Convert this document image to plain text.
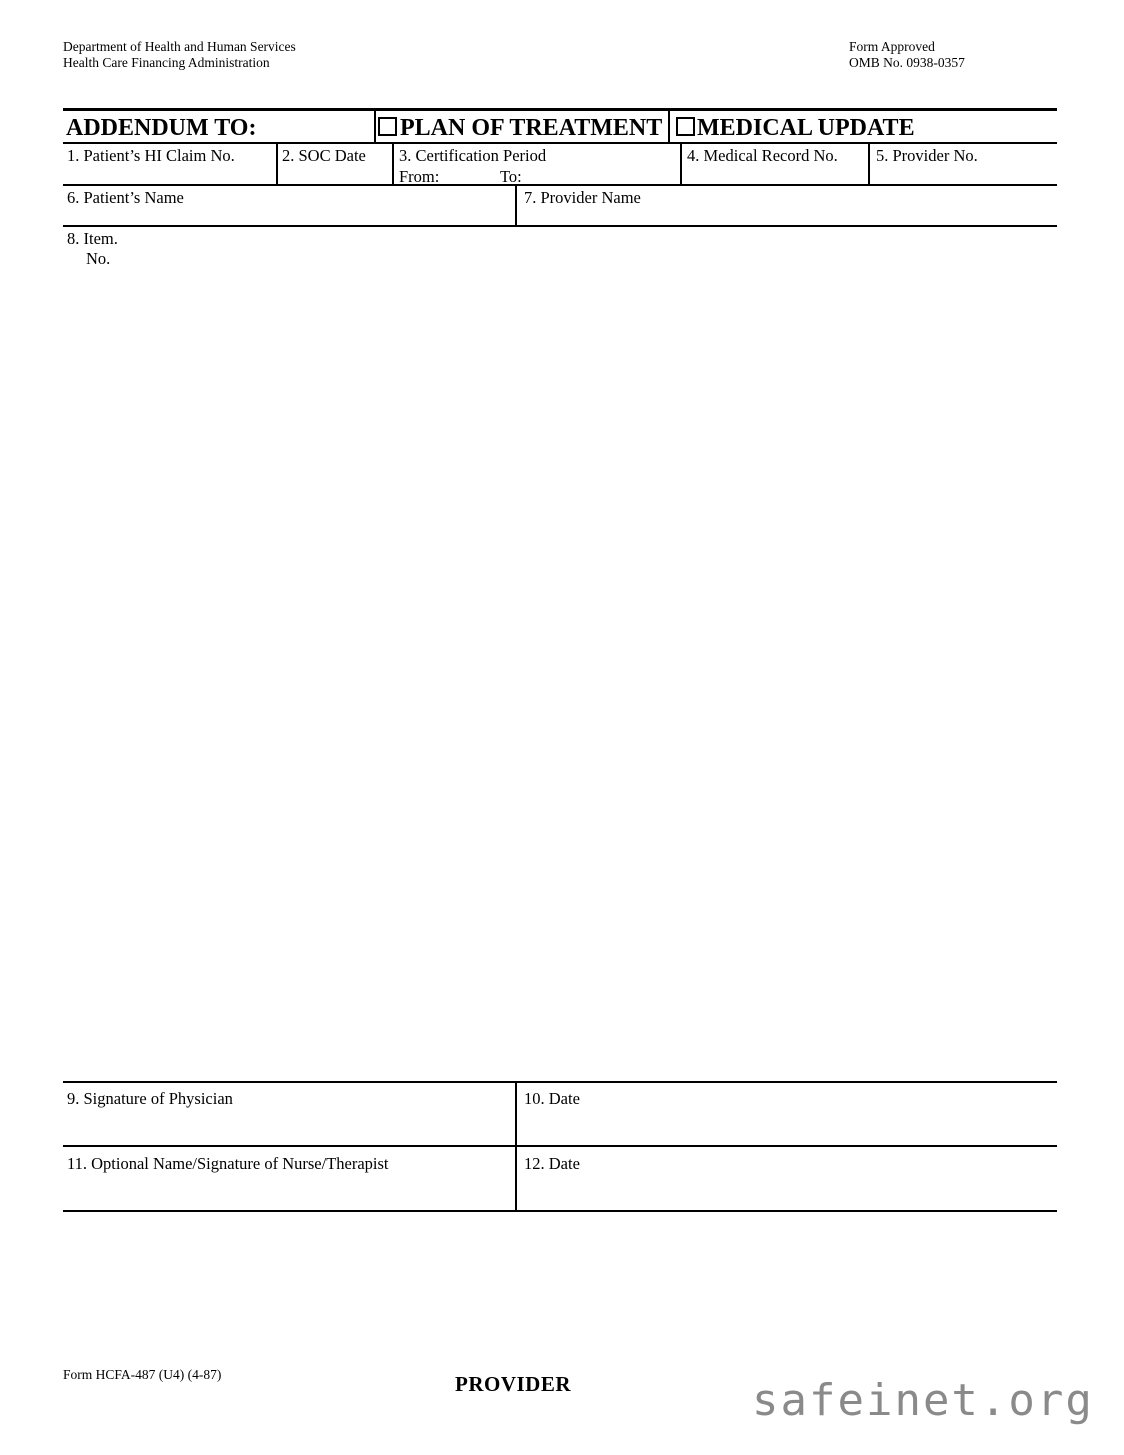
Department of Health and Human Services
Health Care Financing Administration
Form Approved
OMB No. 0938-0357
ADDENDUM TO:	PLAN OF TREATMENT MEDICAL UPDATE
1. Patient’s HI Claim No.	2. SOC Date 3. Certification Period
From:	To:
4. Medical Record No. 5. Provider No.
6. Patient’s Name	7. Provider Name
8. Item.
No.
9. Signature of Physician	10. Date
11. Optional Name/Signature of Nurse/Therapist	12. Date
Form HCFA-487 (U4) (4-87)	PROVIDER	safeinet.org
